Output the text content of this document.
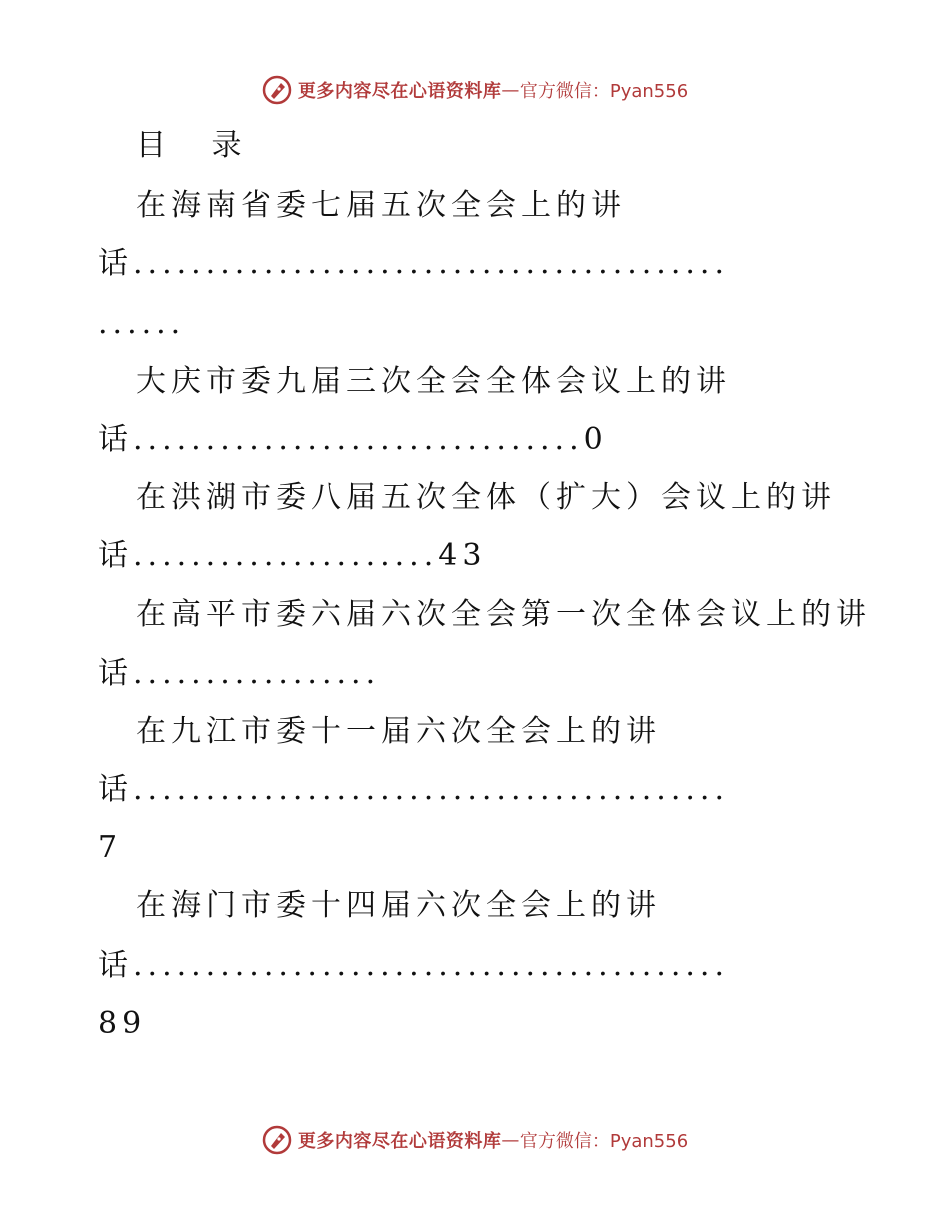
更多内容尽在心语资料库 — 官方微信：Pyan556
目 录
在海南省委七届五次全会上的讲
话.........................................
......
大庆市委九届三次全会全体会议上的讲
话...............................0
在洪湖市委八届五次全体（扩大）会议上的讲
话.....................43
在高平市委六届六次全会第一次全体会议上的讲
话.................
在九江市委十一届六次全会上的讲
话.........................................
7
在海门市委十四届六次全会上的讲
话.........................................
89
更多内容尽在心语资料库 — 官方微信：Pyan556
